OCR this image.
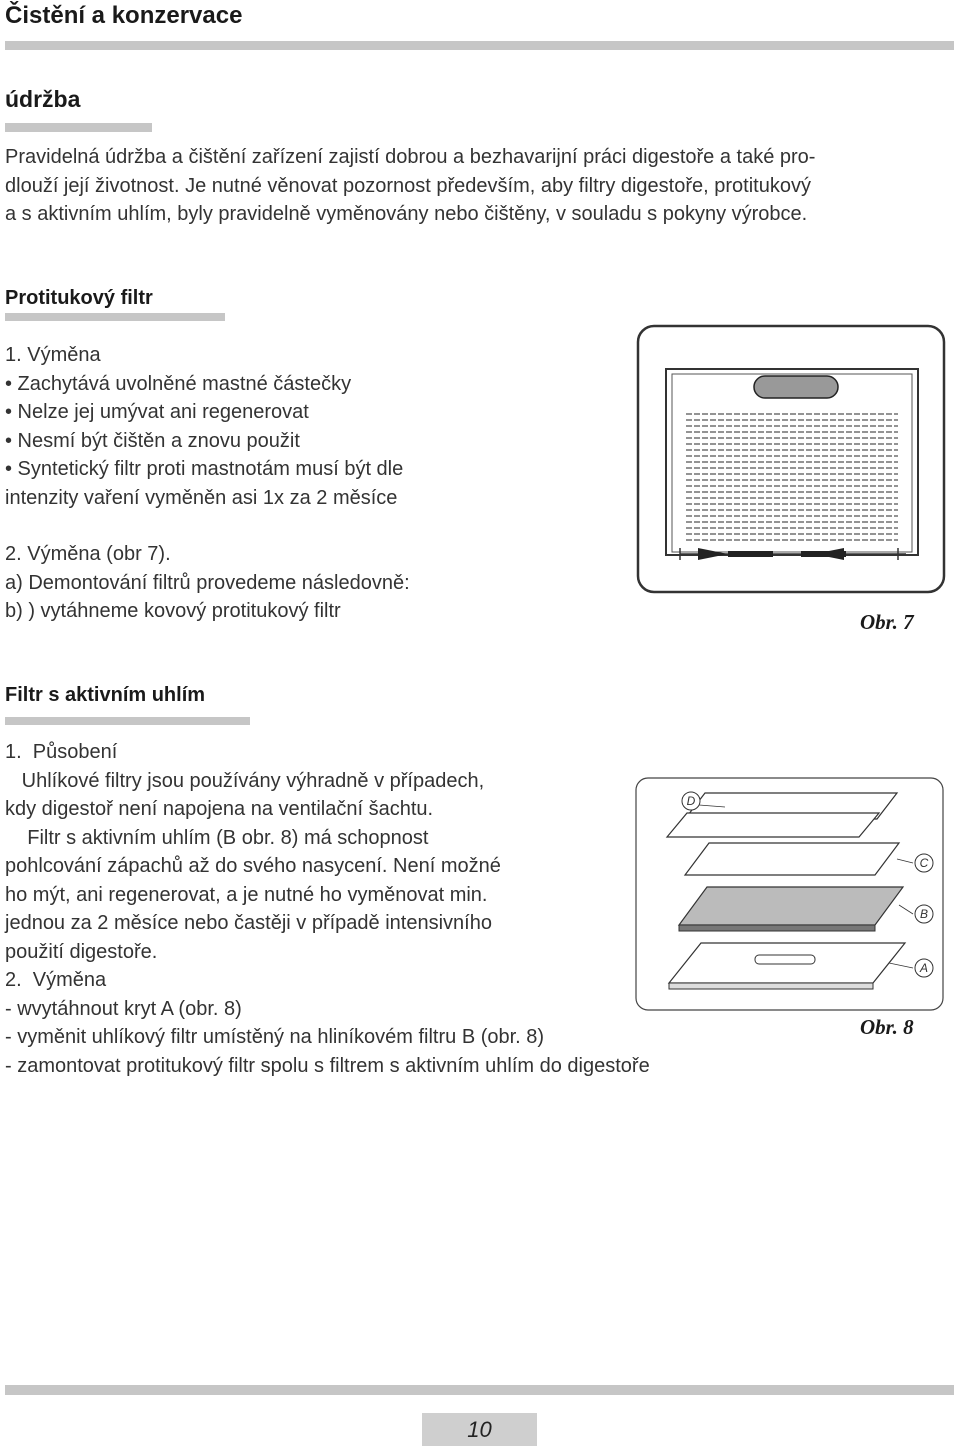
Čistění a konzervace
údržba
Pravidelná údržba a čištění zařízení zajistí dobrou a bezhavarijní práci digestoře a také pro-
dlouží její životnost. Je nutné věnovat pozornost především, aby filtry digestoře, protitukový
a s aktivním uhlím, byly pravidelně vyměnovány nebo čištěny, v souladu s pokyny výrobce.
Protitukový filtr
1. Výměna
• Zachytává uvolněné mastné částečky
• Nelze jej umývat ani regenerovat
• Nesmí být čištěn a znovu použit
• Syntetický filtr proti mastnotám musí být dle
intenzity vaření vyměněn asi 1x za 2 měsíce
2. Výměna (obr 7).
a) Demontování filtrů provedeme následovně:
b) ) vytáhneme kovový protitukový filtr	Obr. 7
Filtr s aktivním uhlím
1.  Působení
Uhlíkové filtry jsou používány výhradně v případech,
kdy digestoř není napojena na ventilační šachtu.
Filtr s aktivním uhlím (B obr. 8) má schopnost
pohlcování zápachů až do svého nasycení. Není možné
ho mýt, ani regenerovat, a je nutné ho vyměnovat min.
jednou za 2 měsíce nebo častěji v případě intensivního
použití digestoře.
2.  Výměna
- wvytáhnout kryt A (obr. 8)
- vyměnit uhlíkový filtr umístěný na hliníkovém filtru B (obr. 8)
- zamontovat protitukový filtr spolu s filtrem s aktivním uhlím do digestoře
D
C
B
A
Obr. 8
10
